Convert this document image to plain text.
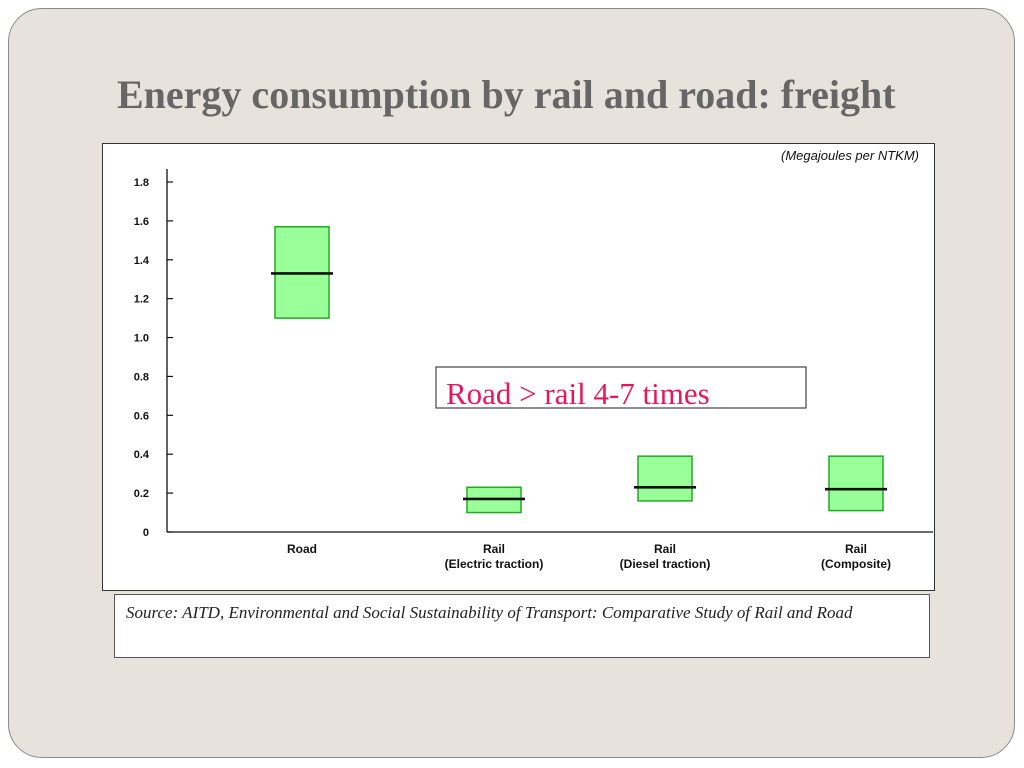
Energy consumption by rail and road: freight
(Megajoules per NTKM)
0
0.2
0.4
0.6
0.8
1.0
1.2
1.4
1.6
1.8
Road	Rail
(Electric traction)
Rail
(Diesel traction)
Rail
(Composite)
Road > rail 4-7 times
Source: AITD, Environmental and Social Sustainability of Transport: Comparative Study of Rail and Road
